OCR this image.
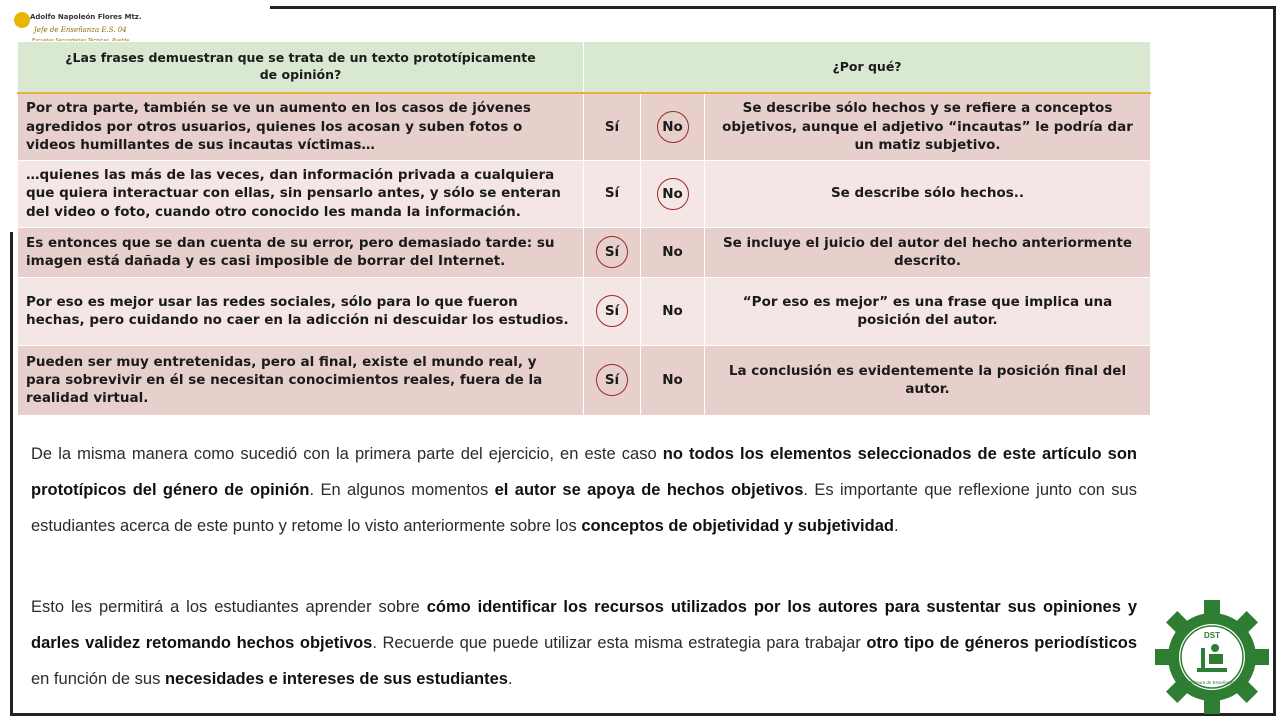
Adolfo Napoleón Flores Mtz.
Jefe de Enseñanza E.S. 04
¿Las frases demuestran que se trata de un texto prototípicamente de opinión?	¿Por qué?		
Por otra parte, también se ve un aumento en los casos de jóvenes agredidos por otros usuarios, quienes los acosan y suben fotos o videos humillantes de sus incautas víctimas…	Sí	No	Se describe sólo hechos y se refiere a conceptos objetivos, aunque el adjetivo “incautas” le podría dar un matiz subjetivo.
…quienes las más de las veces, dan información privada a cualquiera que quiera interactuar con ellas, sin pensarlo antes, y sólo se enteran del video o foto, cuando otro conocido les manda la información.	Sí	No	Se describe sólo hechos..
Es entonces que se dan cuenta de su error, pero demasiado tarde: su imagen está dañada y es casi imposible de borrar del Internet.	Sí	No	Se incluye el juicio del autor del hecho anteriormente descrito.
Por eso es mejor usar las redes sociales, sólo para lo que fueron hechas, pero cuidando no caer en la adicción ni descuidar los estudios.	Sí	No	“Por eso es mejor” es una frase que implica una posición del autor.
Pueden ser muy entretenidas, pero al final, existe el mundo real, y para sobrevivir en él se necesitan conocimientos reales, fuera de la realidad virtual.	Sí	No	La conclusión es evidentemente la posición final del autor.
De la misma manera como sucedió con la primera parte del ejercicio, en este caso no todos los elementos seleccionados de este artículo son prototípicos del género de opinión. En algunos momentos el autor se apoya de hechos objetivos. Es importante que reflexione junto con sus estudiantes acerca de este punto y retome lo visto anteriormente sobre los conceptos de objetividad y subjetividad.
Esto les permitirá a los estudiantes aprender sobre cómo identificar los recursos utilizados por los autores para sustentar sus opiniones y darles validez retomando hechos objetivos. Recuerde que puede utilizar esta misma estrategia para trabajar otro tipo de géneros periodísticos en función de sus necesidades e intereses de sus estudiantes.
DST
Jefatura de Enseñanza
